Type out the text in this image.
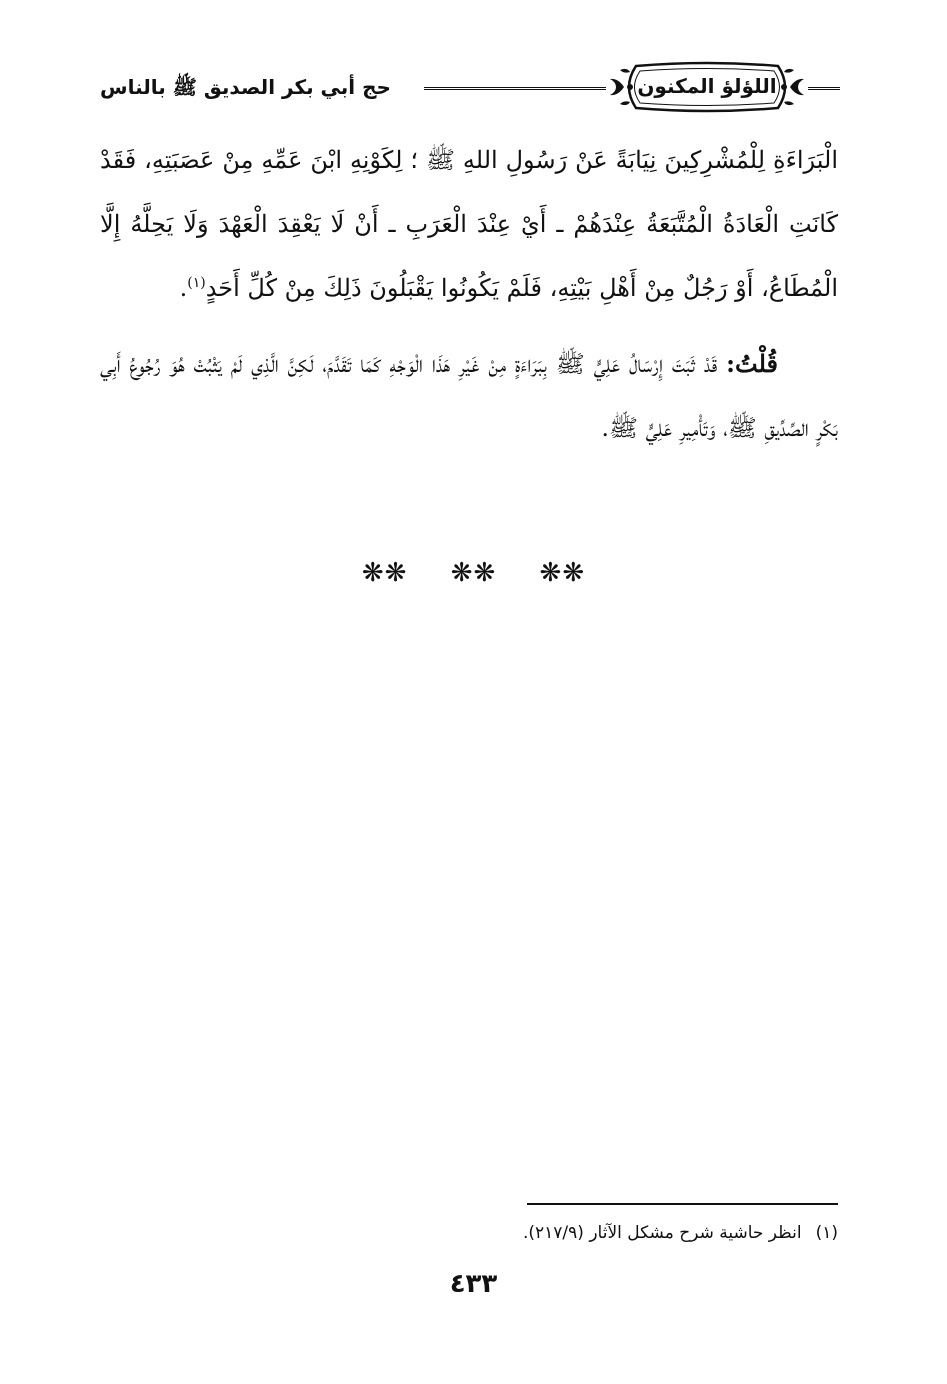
اللؤلؤ المكنون
حج أبي بكر الصديق ﷺ بالناس

الْبَرَاءَةِ لِلْمُشْرِكِينَ نِيَابَةً عَنْ رَسُولِ اللهِ ﷺ ؛ لِكَوْنِهِ ابْنَ عَمِّهِ مِنْ عَصَبَتِهِ، فَقَدْ كَانَتِ الْعَادَةُ الْمُتَّبَعَةُ عِنْدَهُمْ ـ أَيْ عِنْدَ الْعَرَبِ ـ أَنْ لَا يَعْقِدَ الْعَهْدَ وَلَا يَحِلَّهُ إِلَّا الْمُطَاعُ، أَوْ رَجُلٌ مِنْ أَهْلِ بَيْتِهِ، فَلَمْ يَكُونُوا يَقْبَلُونَ ذَلِكَ مِنْ كُلِّ أَحَدٍ$^{(١)}$.

قُلْتُ: قَدْ ثَبَتَ إِرْسَالُ عَلِيٍّ ﷺ بِبَرَاءَةٍ مِنْ غَيْرِ هَذَا الْوَجْهِ كَمَا تَقَدَّمَ، لَكِنَّ الَّذِي لَمْ يَثْبُتْ هُوَ رُجُوعُ أَبِي بَكْرٍ الصِّدِّيقِ ﷺ، وَتَأْمِيرِ عَلِيٍّ ﷺ.

❋❋ ❋❋ ❋❋
(١)انظر حاشية شرح مشكل الآثار (٢١٧/٩).
٤٣٣
